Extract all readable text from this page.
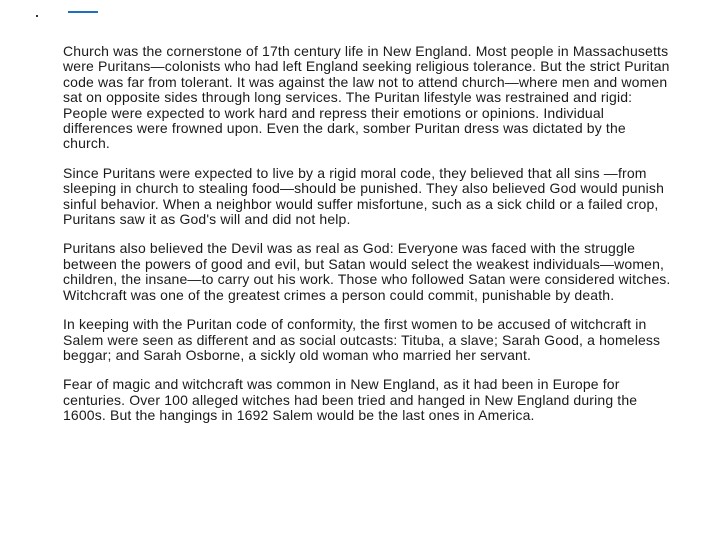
Church was the cornerstone of 17th century life in New England. Most people in Massachusetts were Puritans—colonists who had left England seeking religious tolerance. But the strict Puritan code was far from tolerant. It was against the law not to attend church—where men and women sat on opposite sides through long services. The Puritan lifestyle was restrained and rigid: People were expected to work hard and repress their emotions or opinions. Individual differences were frowned upon. Even the dark, somber Puritan dress was dictated by the church.

Since Puritans were expected to live by a rigid moral code, they believed that all sins —from sleeping in church to stealing food—should be punished. They also believed God would punish sinful behavior. When a neighbor would suffer misfortune, such as a sick child or a failed crop, Puritans saw it as God's will and did not help.

Puritans also believed the Devil was as real as God: Everyone was faced with the struggle between the powers of good and evil, but Satan would select the weakest individuals—women, children, the insane—to carry out his work. Those who followed Satan were considered witches. Witchcraft was one of the greatest crimes a person could commit, punishable by death.

In keeping with the Puritan code of conformity, the first women to be accused of witchcraft in Salem were seen as different and as social outcasts: Tituba, a slave; Sarah Good, a homeless beggar; and Sarah Osborne, a sickly old woman who married her servant.

Fear of magic and witchcraft was common in New England, as it had been in Europe for centuries. Over 100 alleged witches had been tried and hanged in New England during the 1600s. But the hangings in 1692 Salem would be the last ones in America.
